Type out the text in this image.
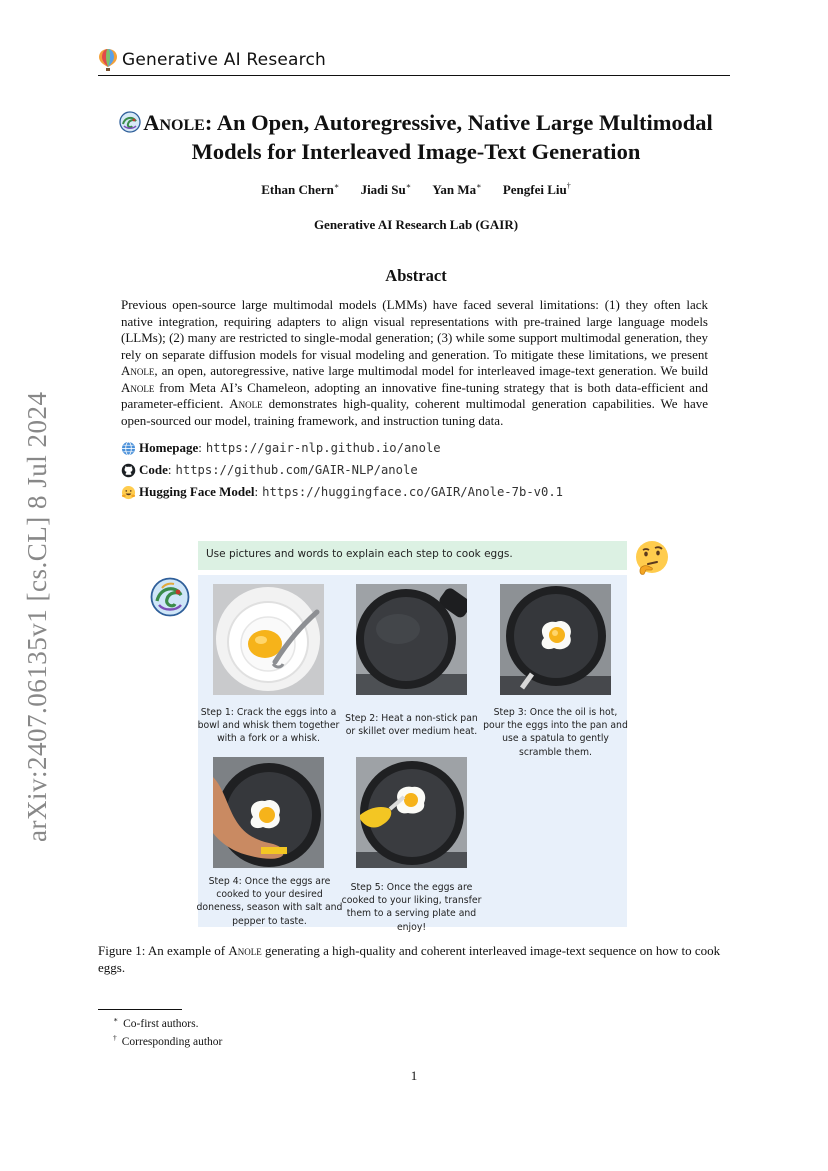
Generative AI Research
arXiv:2407.06135v1 [cs.CL] 8 Jul 2024
Anole: An Open, Autoregressive, Native Large Multimodal
Models for Interleaved Image-Text Generation
Ethan Chern∗ Jiadi Su∗ Yan Ma∗ Pengfei Liu†
Generative AI Research Lab (GAIR)
Abstract
Previous open-source large multimodal models (LMMs) have faced several limitations: (1) they often lack native integration, requiring adapters to align visual representations with pre-trained large language models (LLMs); (2) many are restricted to single-modal generation; (3) while some support multimodal generation, they rely on separate diffusion models for visual modeling and generation. To mitigate these limitations, we present Anole, an open, autoregressive, native large multimodal model for interleaved image-text generation. We build Anole from Meta AI’s Chameleon, adopting an innovative fine-tuning strategy that is both data-efficient and parameter-efficient. Anole demonstrates high-quality, coherent multimodal generation capabilities. We have open-sourced our model, training framework, and instruction tuning data.
Homepage : https://gair-nlp.github.io/anole
Code : https://github.com/GAIR-NLP/anole
Hugging Face Model : https://huggingface.co/GAIR/Anole-7b-v0.1
Use pictures and words to explain each step to cook eggs.
Step 1: Crack the eggs into a bowl and whisk them together with a fork or a whisk.
Step 2: Heat a non-stick pan or skillet over medium heat.
Step 3: Once the oil is hot, pour the eggs into the pan and use a spatula to gently scramble them.
Step 4: Once the eggs are cooked to your desired doneness, season with salt and pepper to taste.
Step 5: Once the eggs are cooked to your liking, transfer them to a serving plate and enjoy!
Figure 1: An example of Anole generating a high-quality and coherent interleaved image-text sequence on how to cook eggs.
∗ Co-first authors.
† Corresponding author
1
